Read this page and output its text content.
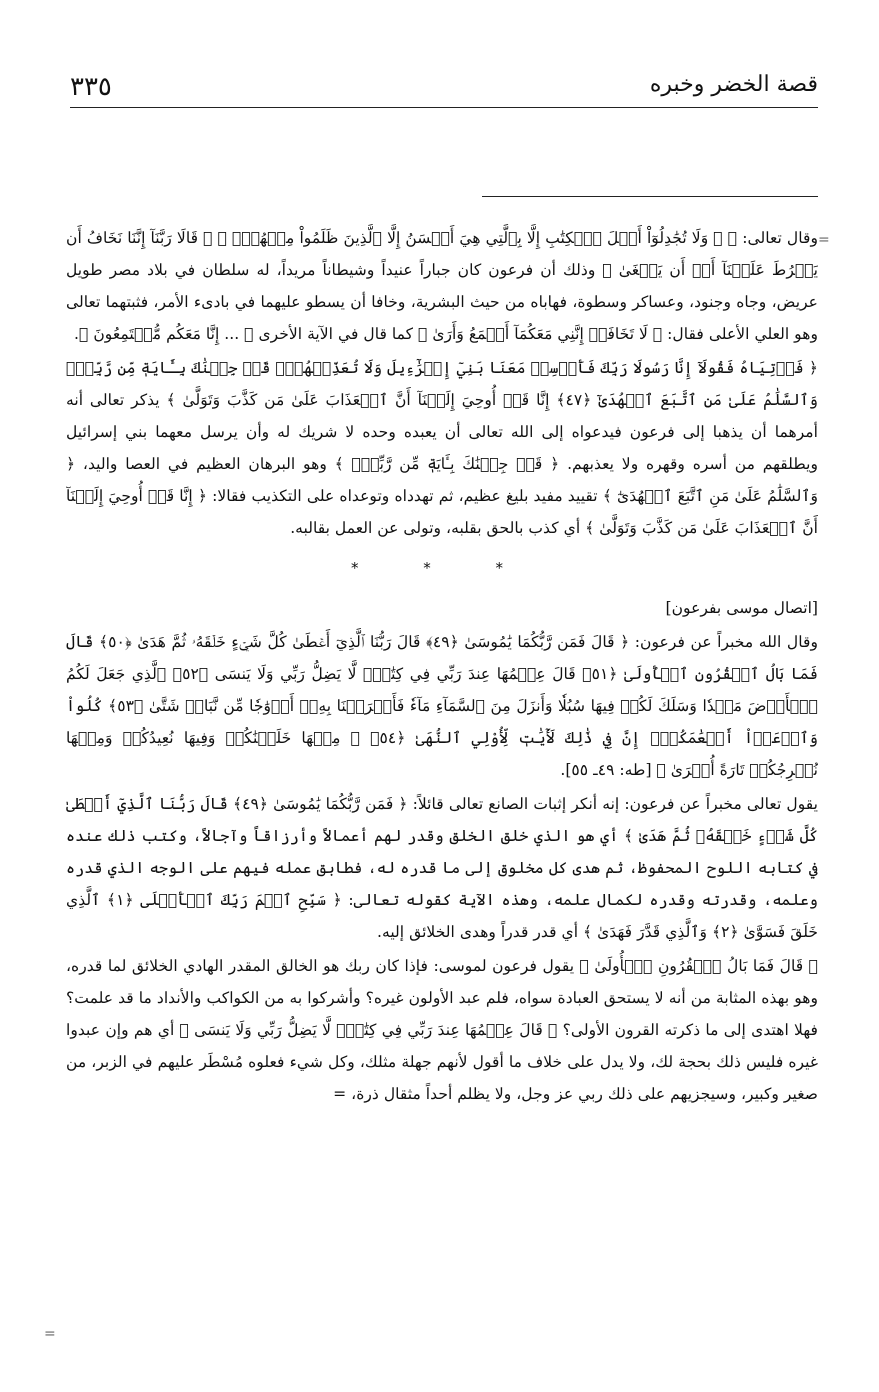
٣٣٥	قصة الخضر وخبره
=
=

وقال تعالى: ﴿ ۞ وَلَا تُجَٰدِلُوٓاْ أَهۡلَ ٱلۡكِتَٰبِ إِلَّا بِٱلَّتِي هِيَ أَحۡسَنُ إِلَّا ٱلَّذِينَ ظَلَمُواْ مِنۡهُمۡۖ ﴾ ﴿ قَالَا رَبَّنَآ إِنَّنَا نَخَافُ أَن يَفۡرُطَ عَلَيۡنَآ أَوۡ أَن يَطۡغَىٰ ﴾ وذلك أن فرعون كان جباراً عنيداً وشيطاناً مريداً، له سلطان في بلاد مصر طويل عريض، وجاه وجنود، وعساكر وسطوة، فهاباه من حيث البشرية، وخافا أن يسطو عليهما في بادىء الأمر، فثبتهما تعالى وهو العلي الأعلى فقال: ﴿ لَا تَخَافَآۖ إِنَّنِي مَعَكُمَآ أَسۡمَعُ وَأَرَىٰ ﴾ كما قال في الآية الأخرى ﴿ ... إِنَّا مَعَكُم مُّسۡتَمِعُونَ ﴾.

﴿ فَأۡتِيَاهُ فَقُولَآ إِنَّا رَسُولَا رَبِّكَ فَأَرۡسِلۡ مَعَنَا بَنِيٓ إِسۡرَٰٓءِيلَ وَلَا تُعَذِّبۡهُمۡۖ قَدۡ جِئۡنَٰكَ بِـَٔايَةٖ مِّن رَّبِّكَۖ وَٱلسَّلَٰمُ عَلَىٰ مَنِ ٱتَّبَعَ ٱلۡهُدَىٰٓ ﴿٤٧﴾ إِنَّا قَدۡ أُوحِيَ إِلَيۡنَآ أَنَّ ٱلۡعَذَابَ عَلَىٰ مَن كَذَّبَ وَتَوَلَّىٰ ﴾ يذكر تعالى أنه أمرهما أن يذهبا إلى فرعون فيدعواه إلى الله تعالى أن يعبده وحده لا شريك له وأن يرسل معهما بني إسرائيل ويطلقهم من أسره وقهره ولا يعذبهم. ﴿ قَدۡ جِئۡنَٰكَ بِـَٔايَةٖ مِّن رَّبِّكَۖ ﴾ وهو البرهان العظيم في العصا واليد، ﴿ وَٱلسَّلَٰمُ عَلَىٰ مَنِ ٱتَّبَعَ ٱلۡهُدَىٰٓ ﴾ تقييد مفيد بليغ عظيم، ثم تهدداه وتوعداه على التكذيب فقالا: ﴿ إِنَّا قَدۡ أُوحِيَ إِلَيۡنَآ أَنَّ ٱلۡعَذَابَ عَلَىٰ مَن كَذَّبَ وَتَوَلَّىٰ ﴾ أي كذب بالحق بقلبه، وتولى عن العمل بقالبه.

* * *

[اتصال موسى بفرعون]

وقال الله مخبراً عن فرعون: ﴿ قَالَ فَمَن رَّبُّكُمَا يَٰمُوسَىٰ ﴿٤٩﴾ قَالَ رَبُّنَا ٱلَّذِيٓ أَعۡطَىٰ كُلَّ شَيۡءٍ خَلۡقَهُۥ ثُمَّ هَدَىٰ ﴿٥٠﴾ قَالَ فَمَا بَالُ ٱلۡقُرُونِ ٱلۡأُولَىٰ ﴿٥١﴾ قَالَ عِلۡمُهَا عِندَ رَبِّي فِي كِتَٰبٖۖ لَّا يَضِلُّ رَبِّي وَلَا يَنسَى ﴿٥٢﴾ ٱلَّذِي جَعَلَ لَكُمُ ٱلۡأَرۡضَ مَهۡدٗا وَسَلَكَ لَكُمۡ فِيهَا سُبُلٗا وَأَنزَلَ مِنَ ٱلسَّمَآءِ مَآءٗ فَأَخۡرَجۡنَا بِهِۦٓ أَزۡوَٰجٗا مِّن نَّبَاتٖ شَتَّىٰ ﴿٥٣﴾ كُلُواْ وَٱرۡعَوۡاْ أَنۡعَٰمَكُمۡۚ إِنَّ فِي ذَٰلِكَ لَأٓيَٰتٖ لِّأُوْلِي ٱلنُّهَىٰ ﴿٥٤﴾ ۞ مِنۡهَا خَلَقۡنَٰكُمۡ وَفِيهَا نُعِيدُكُمۡ وَمِنۡهَا نُخۡرِجُكُمۡ تَارَةً أُخۡرَىٰ ﴾ [طه: ٤٩ـ ٥٥].

يقول تعالى مخبراً عن فرعون: إنه أنكر إثبات الصانع تعالى قائلاً: ﴿ فَمَن رَّبُّكُمَا يَٰمُوسَىٰ ﴿٤٩﴾ قَالَ رَبُّنَا ٱلَّذِيٓ أَعۡطَىٰ كُلَّ شَيۡءٍ خَلۡقَهُۥ ثُمَّ هَدَىٰ ﴾ أي هو الذي خلق الخلق وقدر لهم أعمالاً وأرزاقاً وآجالاً، وكتب ذلك عنده في كتابه اللوح المحفوظ، ثم هدى كل مخلوق إلى ما قدره له، فطابق عمله فيهم على الوجه الذي قدره وعلمه، وقدرته وقدره لكمال علمه، وهذه الآية كقوله تعالى: ﴿ سَبِّحِ ٱسۡمَ رَبِّكَ ٱلۡأَعۡلَى ﴿١﴾ ٱلَّذِي خَلَقَ فَسَوَّىٰ ﴿٢﴾ وَٱلَّذِي قَدَّرَ فَهَدَىٰ ﴾ أي قدر قدراً وهدى الخلائق إليه.

﴿ قَالَ فَمَا بَالُ ٱلۡقُرُونِ ٱلۡأُولَىٰ ﴾ يقول فرعون لموسى: فإذا كان ربك هو الخالق المقدر الهادي الخلائق لما قدره، وهو بهذه المثابة من أنه لا يستحق العبادة سواه، فلم عبد الأولون غيره؟ وأشركوا به من الكواكب والأنداد ما قد علمت؟ فهلا اهتدى إلى ما ذكرته القرون الأولى؟ ﴿ قَالَ عِلۡمُهَا عِندَ رَبِّي فِي كِتَٰبٖۖ لَّا يَضِلُّ رَبِّي وَلَا يَنسَى ﴾ أي هم وإن عبدوا غيره فليس ذلك بحجة لك، ولا يدل على خلاف ما أقول لأنهم جهلة مثلك، وكل شيء فعلوه مُسْطَر عليهم في الزبر، من صغير وكبير، وسيجزيهم على ذلك ربي عز وجل، ولا يظلم أحداً مثقال ذرة، =
